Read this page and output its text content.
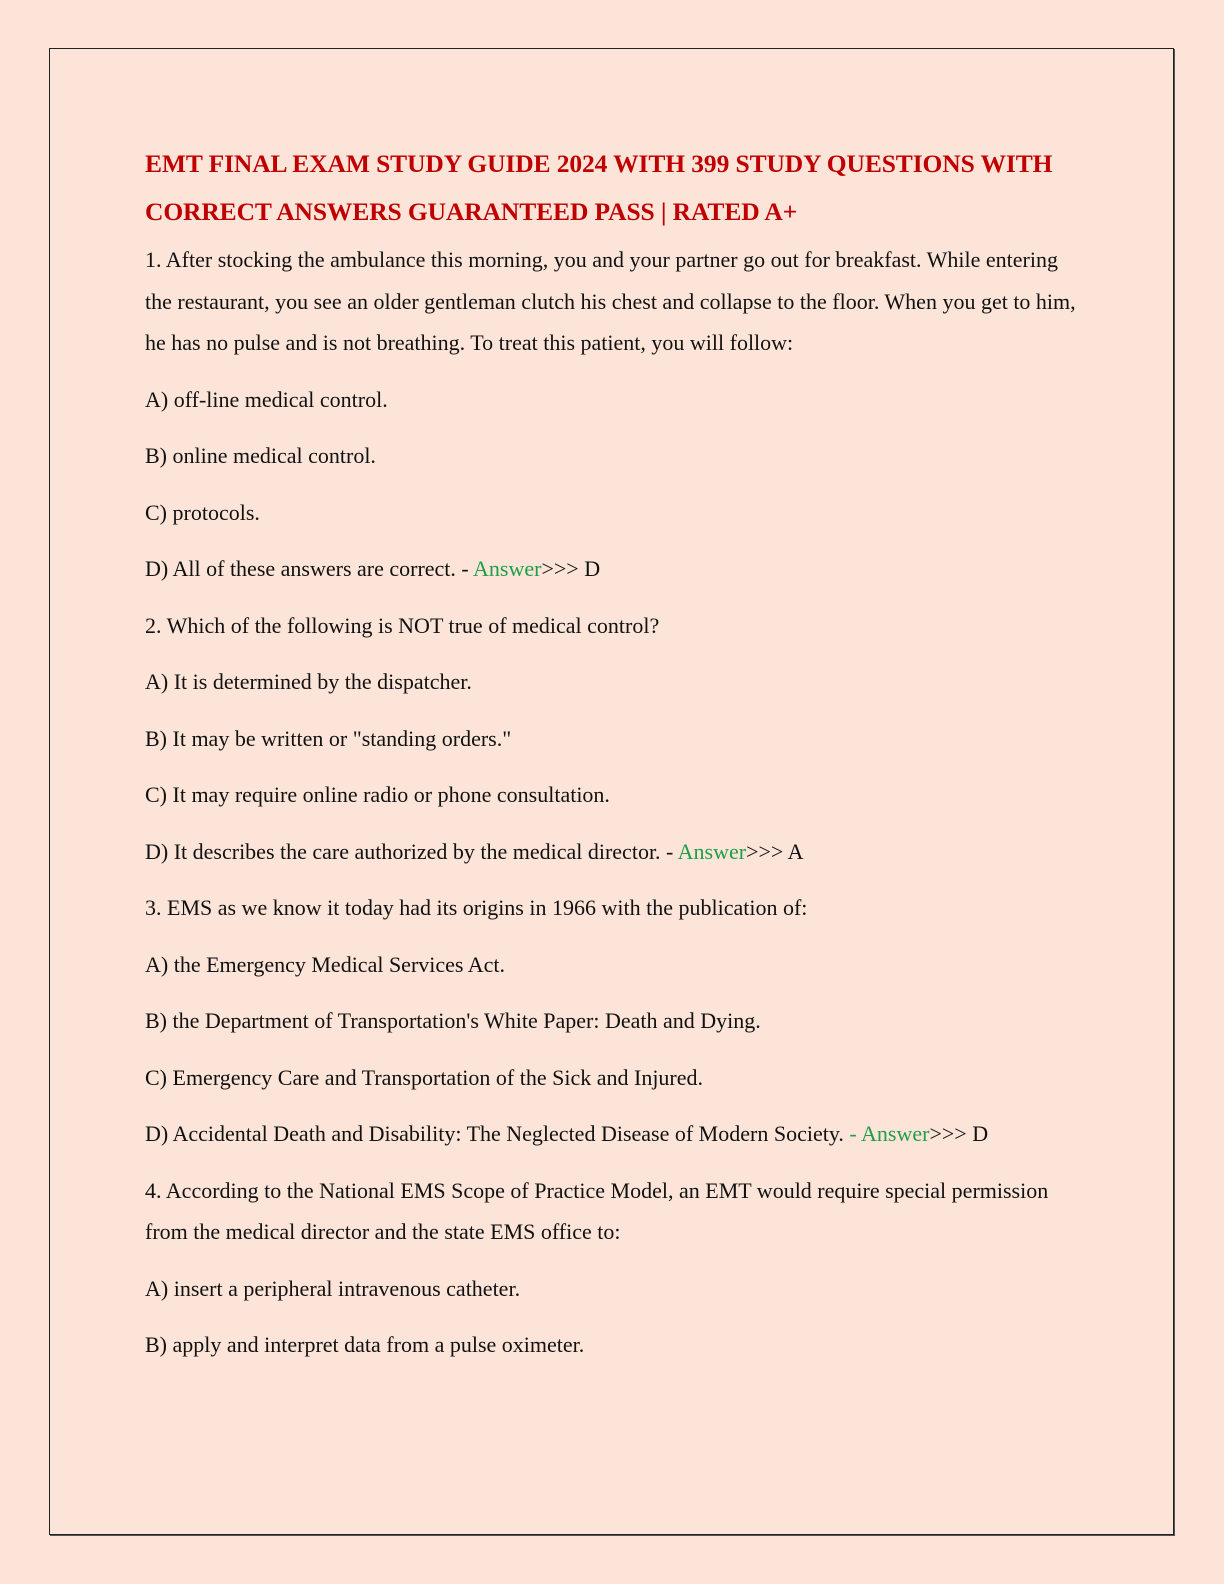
EMT FINAL EXAM STUDY GUIDE 2024 WITH 399 STUDY QUESTIONS WITH CORRECT ANSWERS GUARANTEED PASS | RATED A+

1. After stocking the ambulance this morning, you and your partner go out for breakfast. While entering the restaurant, you see an older gentleman clutch his chest and collapse to the floor. When you get to him, he has no pulse and is not breathing. To treat this patient, you will follow:

A) off-line medical control.

B) online medical control.

C) protocols.

D) All of these answers are correct. - Answer>>> D

2. Which of the following is NOT true of medical control?

A) It is determined by the dispatcher.

B) It may be written or "standing orders."

C) It may require online radio or phone consultation.

D) It describes the care authorized by the medical director. - Answer>>> A

3. EMS as we know it today had its origins in 1966 with the publication of:

A) the Emergency Medical Services Act.

B) the Department of Transportation's White Paper: Death and Dying.

C) Emergency Care and Transportation of the Sick and Injured.

D) Accidental Death and Disability: The Neglected Disease of Modern Society. - Answer>>> D

4. According to the National EMS Scope of Practice Model, an EMT would require special permission from the medical director and the state EMS office to:

A) insert a peripheral intravenous catheter.

B) apply and interpret data from a pulse oximeter.
